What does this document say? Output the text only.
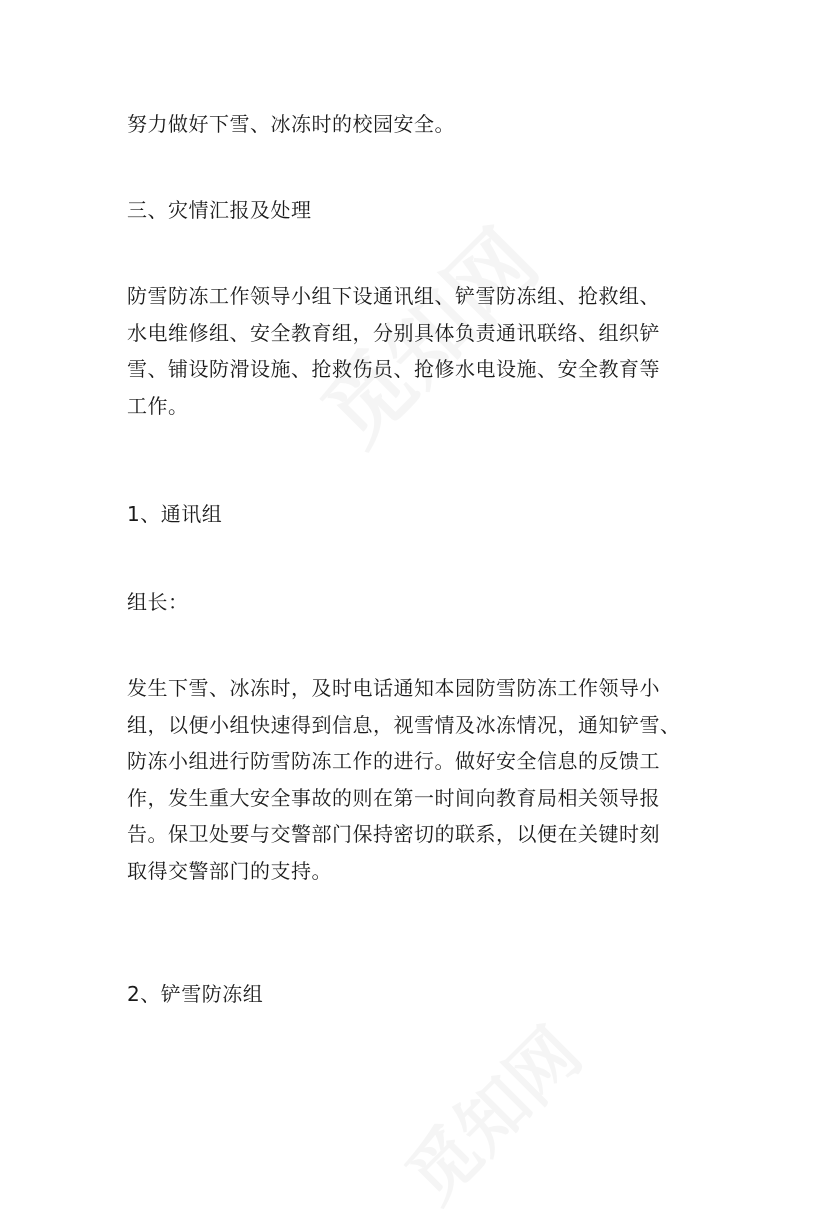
努力做好下雪、冰冻时的校园安全。

三、灾情汇报及处理

防雪防冻工作领导小组下设通讯组、铲雪防冻组、抢救组、
水电维修组、安全教育组，分别具体负责通讯联络、组织铲
雪、铺设防滑设施、抢救伤员、抢修水电设施、安全教育等
工作。

1、通讯组

组长：

发生下雪、冰冻时，及时电话通知本园防雪防冻工作领导小
组，以便小组快速得到信息，视雪情及冰冻情况，通知铲雪、
防冻小组进行防雪防冻工作的进行。做好安全信息的反馈工
作，发生重大安全事故的则在第一时间向教育局相关领导报
告。保卫处要与交警部门保持密切的联系，以便在关键时刻
取得交警部门的支持。

2、铲雪防冻组
